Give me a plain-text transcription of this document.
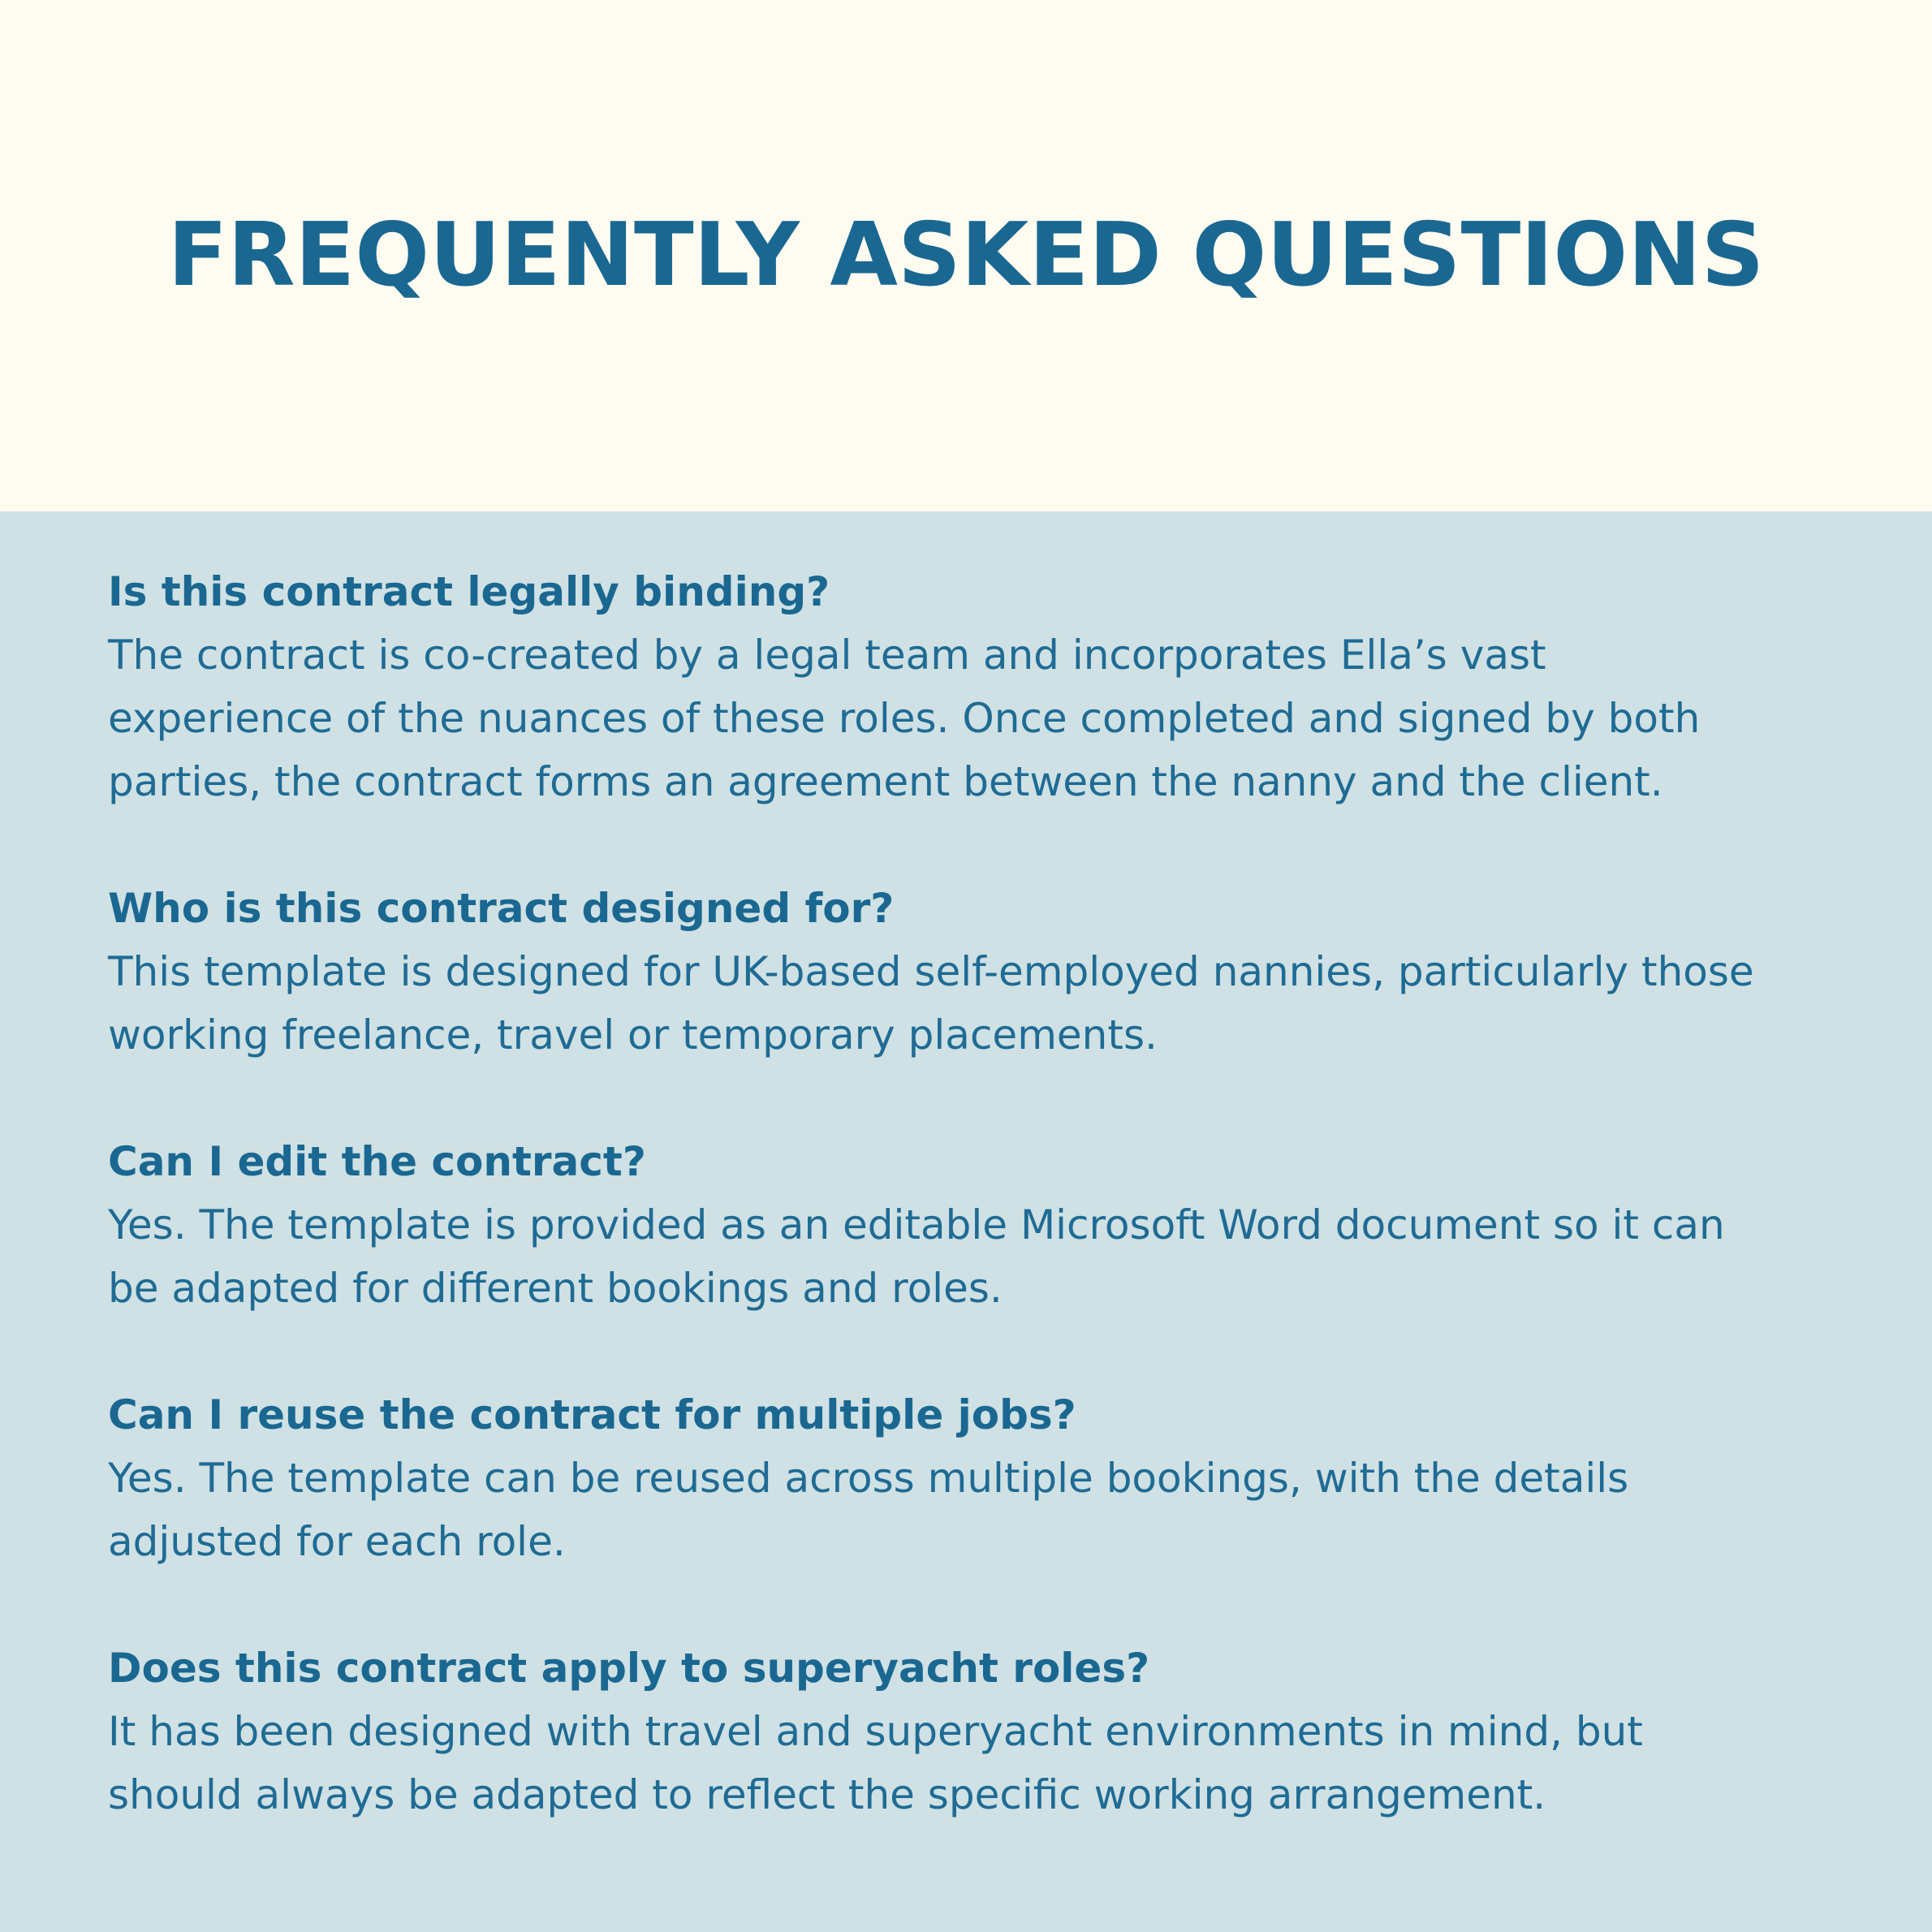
FREQUENTLY ASKED QUESTIONS

Is this contract legally binding?

The contract is co-created by a legal team and incorporates Ella’s vast
experience of the nuances of these roles. Once completed and signed by both
parties, the contract forms an agreement between the nanny and the client.

Who is this contract designed for?

This template is designed for UK-based self-employed nannies, particularly those
working freelance, travel or temporary placements.

Can I edit the contract?

Yes. The template is provided as an editable Microsoft Word document so it can
be adapted for different bookings and roles.

Can I reuse the contract for multiple jobs?

Yes. The template can be reused across multiple bookings, with the details
adjusted for each role.

Does this contract apply to superyacht roles?

It has been designed with travel and superyacht environments in mind, but
should always be adapted to reflect the specific working arrangement.
